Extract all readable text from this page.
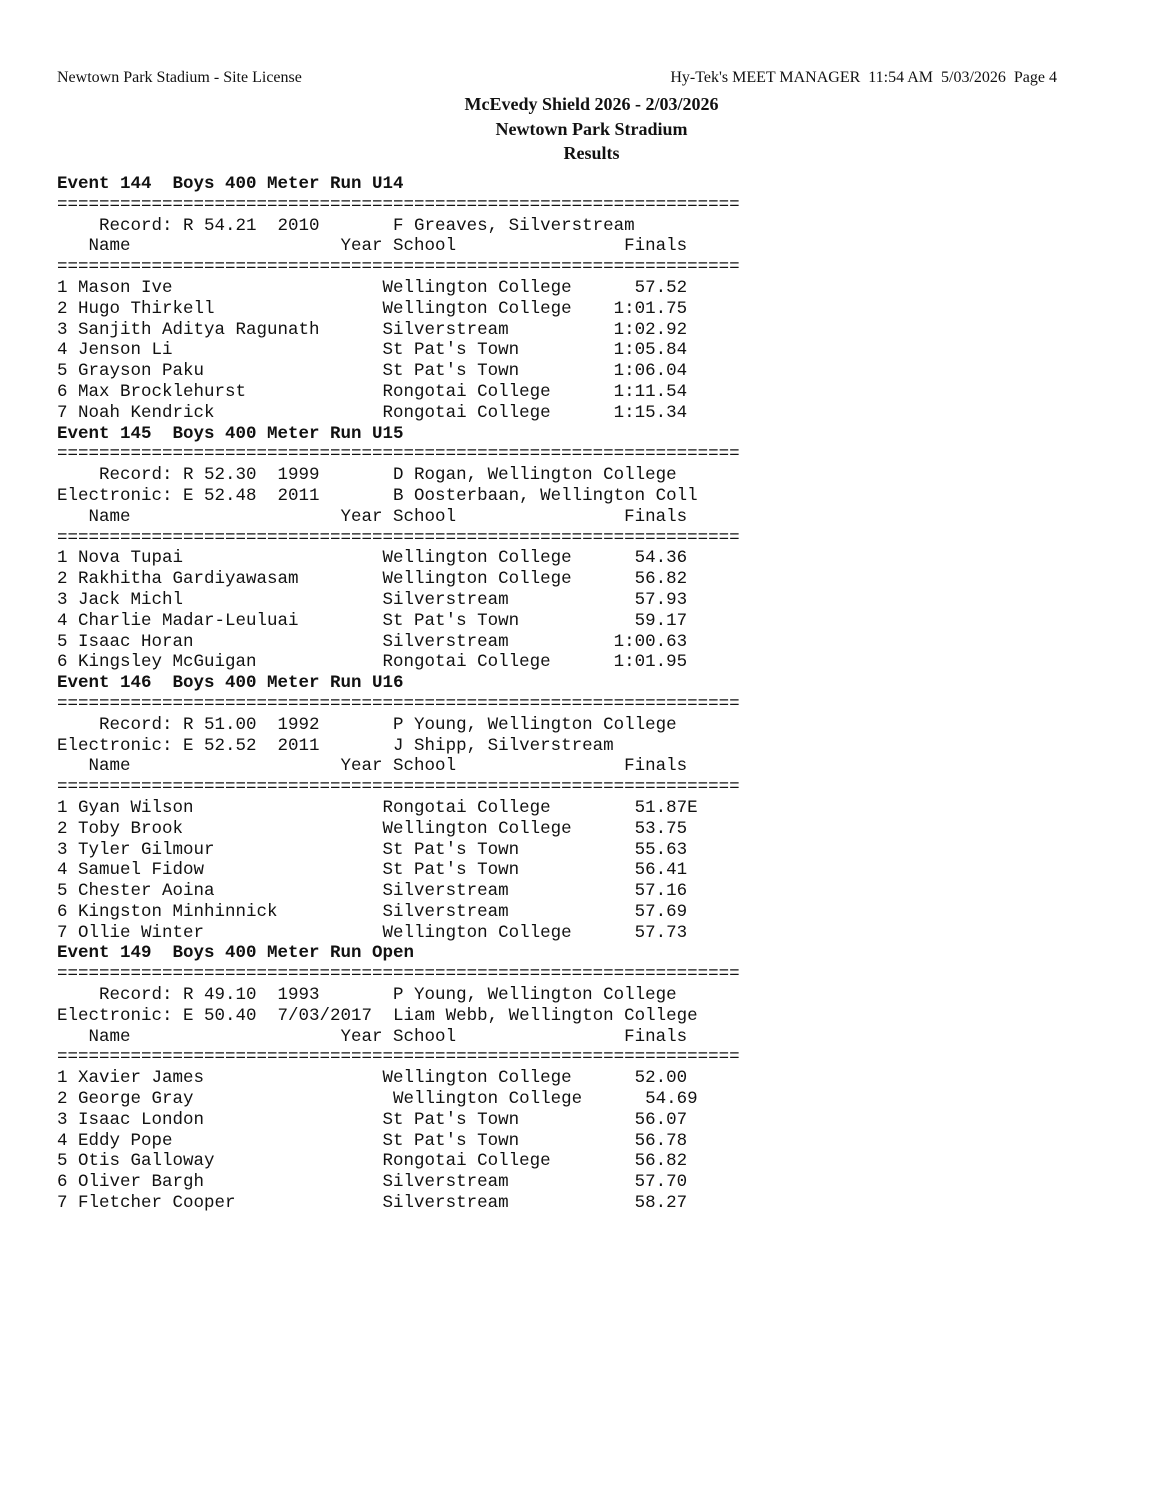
Newtown Park Stadium - Site License	Hy-Tek's MEET MANAGER  11:54 AM  5/03/2026  Page 4
McEvedy Shield 2026 - 2/03/2026
Newtown Park Stradium
Results
Event 144  Boys 400 Meter Run U14
=================================================================
Record: R 54.21  2010       F Greaves, Silverstream
Name                    Year School                Finals
=================================================================
1 Mason Ive                    Wellington College      57.52
2 Hugo Thirkell                Wellington College    1:01.75
3 Sanjith Aditya Ragunath      Silverstream          1:02.92
4 Jenson Li                    St Pat's Town         1:05.84
5 Grayson Paku                 St Pat's Town         1:06.04
6 Max Brocklehurst             Rongotai College      1:11.54
7 Noah Kendrick                Rongotai College      1:15.34
Event 145  Boys 400 Meter Run U15
=================================================================
Record: R 52.30  1999       D Rogan, Wellington College
Electronic: E 52.48  2011       B Oosterbaan, Wellington Coll
Name                    Year School                Finals
=================================================================
1 Nova Tupai                   Wellington College      54.36
2 Rakhitha Gardiyawasam        Wellington College      56.82
3 Jack Michl                   Silverstream            57.93
4 Charlie Madar-Leuluai        St Pat's Town           59.17
5 Isaac Horan                  Silverstream          1:00.63
6 Kingsley McGuigan            Rongotai College      1:01.95
Event 146  Boys 400 Meter Run U16
=================================================================
Record: R 51.00  1992       P Young, Wellington College
Electronic: E 52.52  2011       J Shipp, Silverstream
Name                    Year School                Finals
=================================================================
1 Gyan Wilson                  Rongotai College        51.87E
2 Toby Brook                   Wellington College      53.75
3 Tyler Gilmour                St Pat's Town           55.63
4 Samuel Fidow                 St Pat's Town           56.41
5 Chester Aoina                Silverstream            57.16
6 Kingston Minhinnick          Silverstream            57.69
7 Ollie Winter                 Wellington College      57.73
Event 149  Boys 400 Meter Run Open
=================================================================
Record: R 49.10  1993       P Young, Wellington College
Electronic: E 50.40  7/03/2017  Liam Webb, Wellington College
Name                    Year School                Finals
=================================================================
1 Xavier James                 Wellington College      52.00
2 George Gray                   Wellington College      54.69
3 Isaac London                 St Pat's Town           56.07
4 Eddy Pope                    St Pat's Town           56.78
5 Otis Galloway                Rongotai College        56.82
6 Oliver Bargh                 Silverstream            57.70
7 Fletcher Cooper              Silverstream            58.27
